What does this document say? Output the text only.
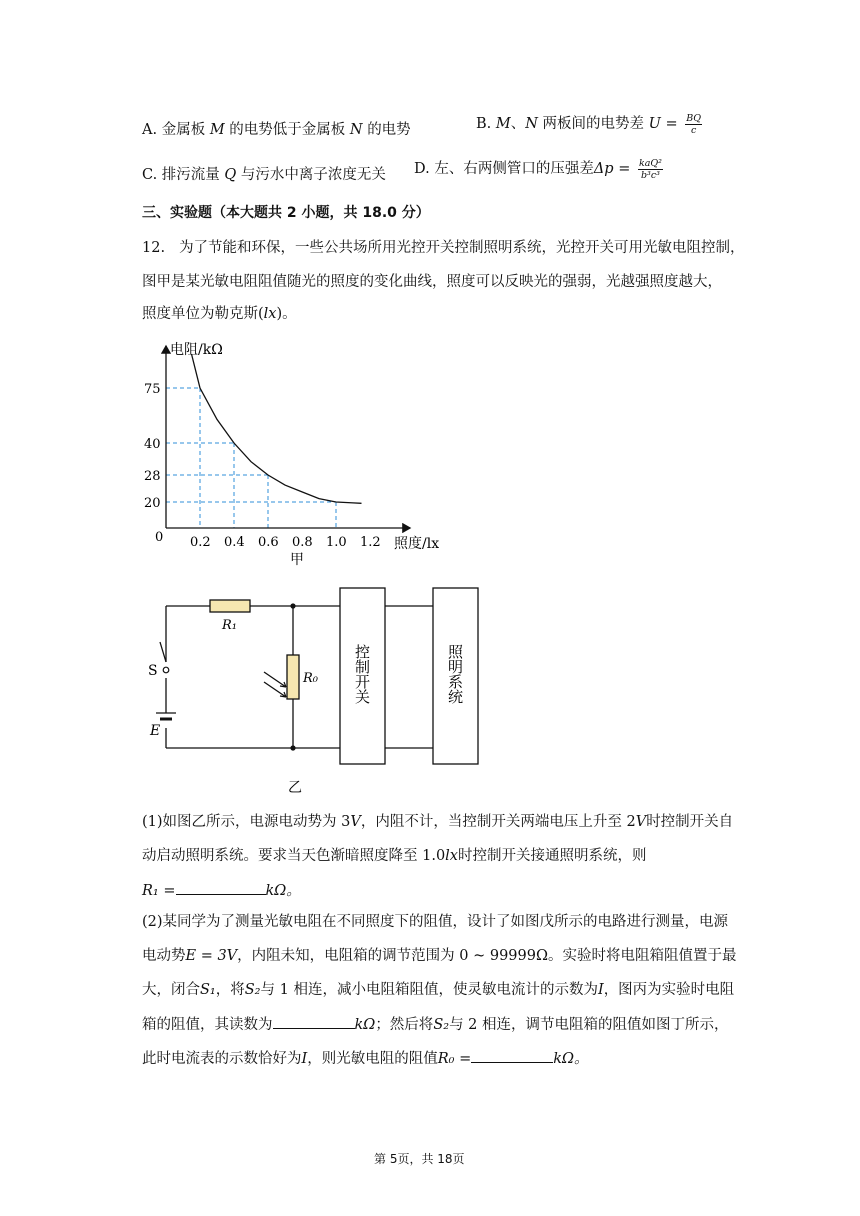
A. 金属板 M 的电势低于金属板 N 的电势	B. M、N 两板间的电势差 $U = \frac{BQ}{c}$
C. 排污流量 Q 与污水中离子浓度无关 D. 左、右两侧管口的压强差$\Delta p = \frac{\text{kaQ²}}{\text{b³c³}}$
三、实验题（本大题共 2 小题，共 18.0 分）
12. 为了节能和环保，一些公共场所用光控开关控制照明系统，光控开关可用光敏电阻控制，
图甲是某光敏电阻阻值随光的照度的变化曲线，照度可以反映光的强弱，光越强照度越大，
照度单位为勒克斯(lx)。
0.2 0.4 0.6 0.8 1.0 1.2
75
40
28
20
电阻/kΩ
照度/lx
0
甲
R₁
R₀
S
E
控制开关	照明系统
乙
(1)如图乙所示，电源电动势为 3V，内阻不计，当控制开关两端电压上升至 2V时控制开关自
动启动照明系统。要求当天色渐暗照度降至 1.0lx时控制开关接通照明系统，则
R₁ =	kΩ。
(2)某同学为了测量光敏电阻在不同照度下的阻值，设计了如图戊所示的电路进行测量，电源
电动势E = 3V，内阻未知，电阻箱的调节范围为 0 ~ 99999Ω。实验时将电阻箱阻值置于最
大，闭合S₁，将S₂与 1 相连，减小电阻箱阻值，使灵敏电流计的示数为I，图丙为实验时电阻
箱的阻值，其读数为	kΩ；然后将S₂与 2 相连，调节电阻箱的阻值如图丁所示，
此时电流表的示数恰好为I，则光敏电阻的阻值R₀ =	kΩ。
第 5页，共 18页
